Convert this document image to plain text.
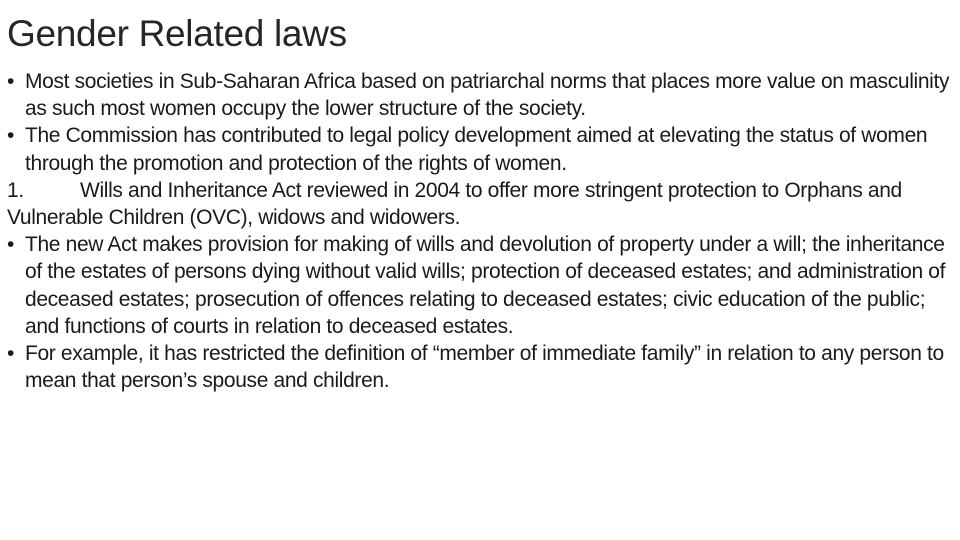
Gender Related laws

• Most societies in Sub-Saharan Africa based on patriarchal norms that places more value on masculinity as such most women occupy the lower structure of the society.

• The Commission has contributed to legal policy development aimed at elevating the status of women through the promotion and protection of the rights of women.

1.	Wills and Inheritance Act reviewed in 2004 to offer more stringent protection to Orphans and Vulnerable Children (OVC), widows and widowers.

• The new Act makes provision for making of wills and devolution of property under a will; the inheritance of the estates of persons dying without valid wills; protection of deceased estates; and administration of deceased estates; prosecution of offences relating to deceased estates; civic education of the public; and functions of courts in relation to deceased estates.

• For example, it has restricted the definition of “member of immediate family” in relation to any person to mean that person’s spouse and children.
